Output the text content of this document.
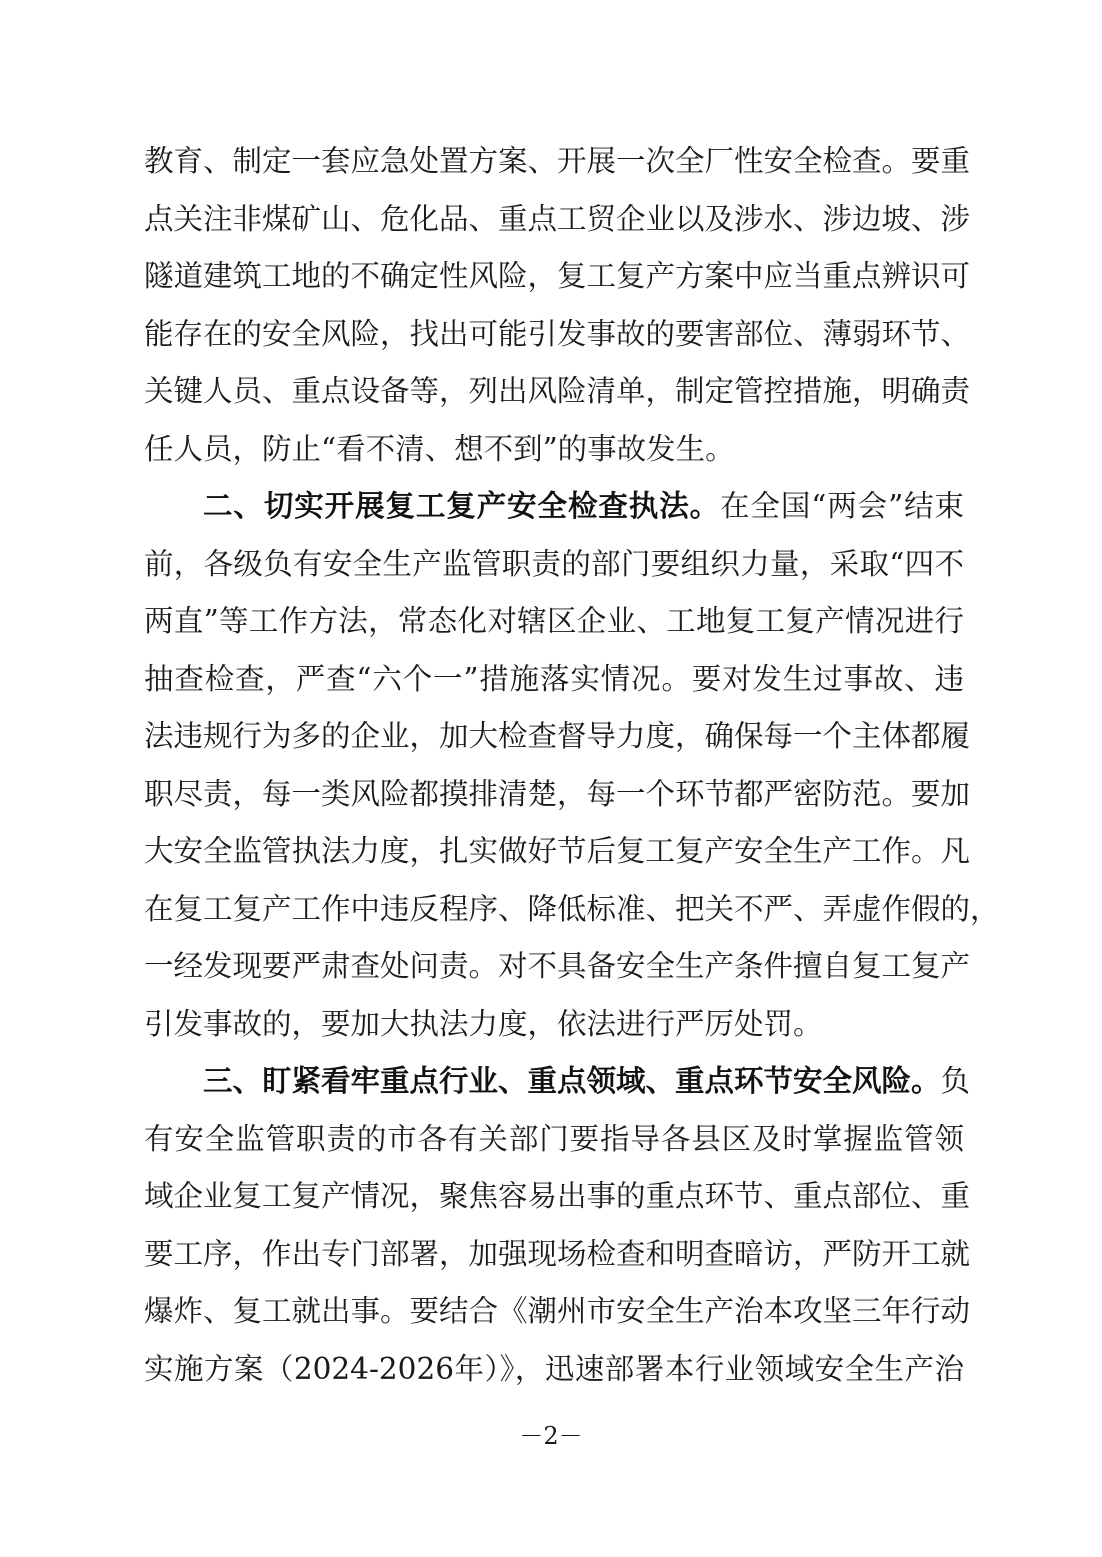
教育、制定一套应急处置方案、开展一次全厂性安全检查。要重
点关注非煤矿山、危化品、重点工贸企业以及涉水、涉边坡、涉
隧道建筑工地的不确定性风险，复工复产方案中应当重点辨识可
能存在的安全风险，找出可能引发事故的要害部位、薄弱环节、
关键人员、重点设备等，列出风险清单，制定管控措施，明确责
任人员，防止“看不清、想不到”的事故发生。
二、切实开展复工复产安全检查执法。在全国“两会”结束
前，各级负有安全生产监管职责的部门要组织力量，采取“四不
两直”等工作方法，常态化对辖区企业、工地复工复产情况进行
抽查检查，严查“六个一”措施落实情况。要对发生过事故、违
法违规行为多的企业，加大检查督导力度，确保每一个主体都履
职尽责，每一类风险都摸排清楚，每一个环节都严密防范。要加
大安全监管执法力度，扎实做好节后复工复产安全生产工作。凡
在复工复产工作中违反程序、降低标准、把关不严、弄虚作假的，
一经发现要严肃查处问责。对不具备安全生产条件擅自复工复产
引发事故的，要加大执法力度，依法进行严厉处罚。
三、盯紧看牢重点行业、重点领域、重点环节安全风险。负
有安全监管职责的市各有关部门要指导各县区及时掌握监管领
域企业复工复产情况，聚焦容易出事的重点环节、重点部位、重
要工序，作出专门部署，加强现场检查和明查暗访，严防开工就
爆炸、复工就出事。要结合《潮州市安全生产治本攻坚三年行动
实施方案（2024-2026年）》，迅速部署本行业领域安全生产治
－2－
